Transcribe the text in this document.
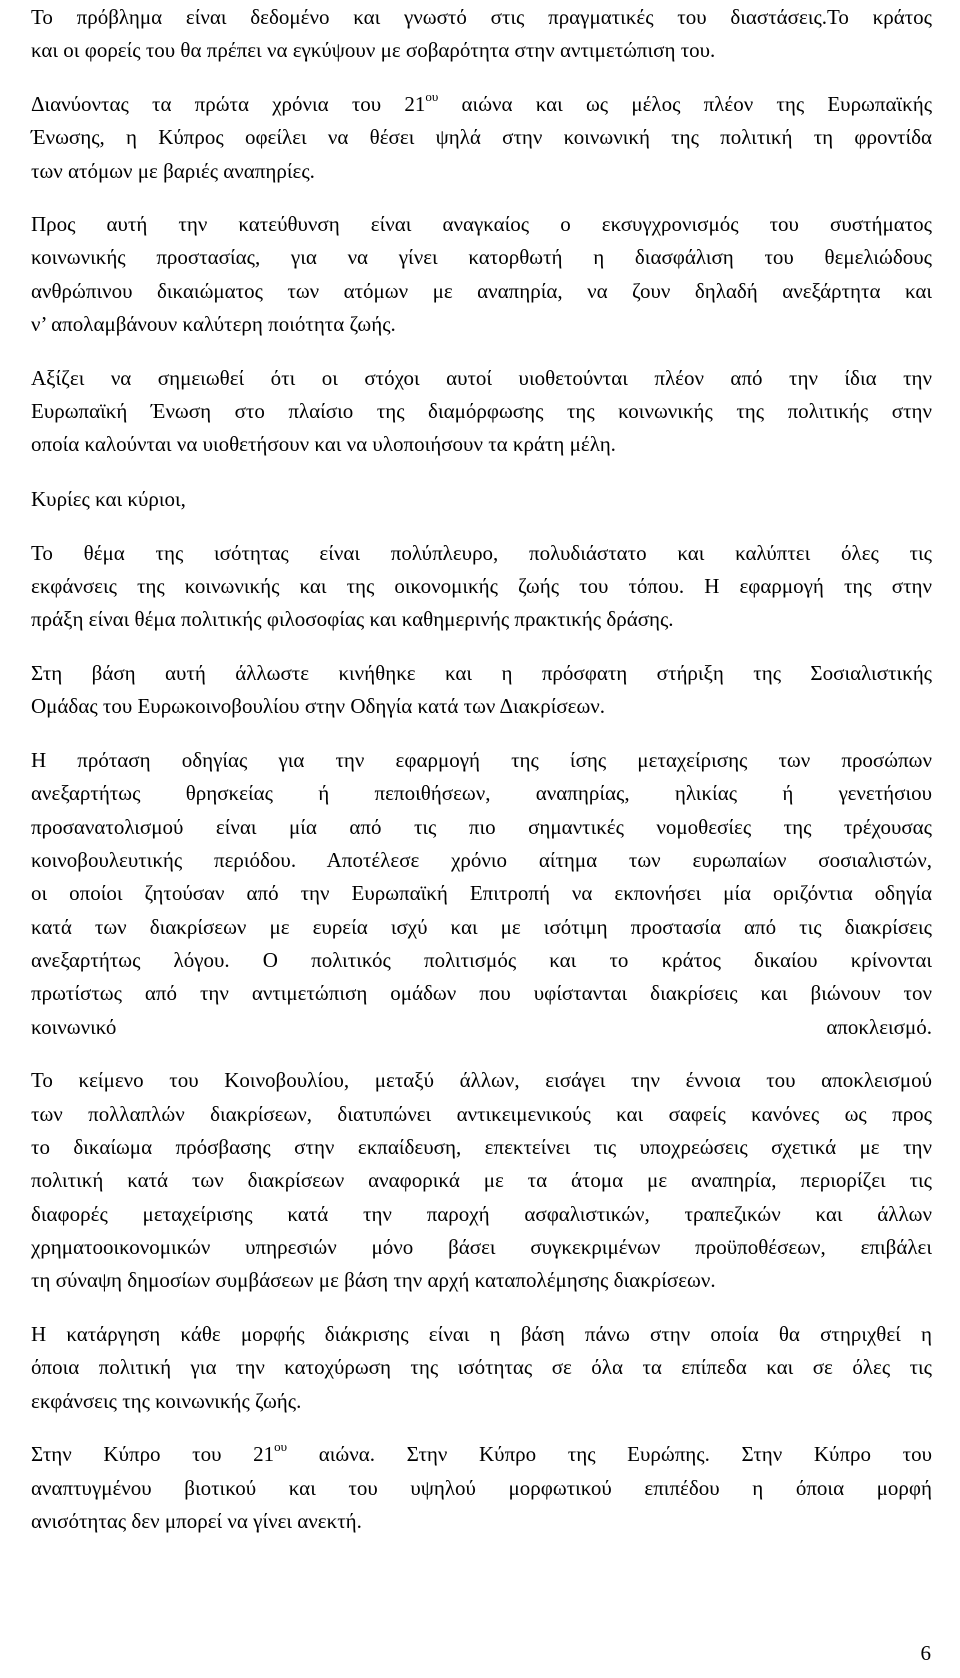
Το πρόβλημα είναι δεδομένο και γνωστό στις πραγματικές του διαστάσεις.Το κράτος
και οι φορείς του θα πρέπει να εγκύψουν με σοβαρότητα στην αντιμετώπιση του.
Διανύοντας τα πρώτα χρόνια του $21^{o\upsilon}$ αιώνα και ως μέλος πλέον της Ευρωπαϊκής
Ένωσης, η Κύπρος οφείλει να θέσει ψηλά στην κοινωνική της πολιτική τη φροντίδα
των ατόμων με βαριές αναπηρίες.
Προς αυτή την κατεύθυνση είναι αναγκαίος ο εκσυγχρονισμός του συστήματος
κοινωνικής προστασίας, για να γίνει κατορθωτή η διασφάλιση του θεμελιώδους
ανθρώπινου δικαιώματος των ατόμων με αναπηρία, να ζουν δηλαδή ανεξάρτητα και
ν’ απολαμβάνουν καλύτερη ποιότητα ζωής.
Αξίζει να σημειωθεί ότι οι στόχοι αυτοί υιοθετούνται πλέον από την ίδια την
Ευρωπαϊκή Ένωση στο πλαίσιο της διαμόρφωσης της κοινωνικής της πολιτικής στην
οποία καλούνται να υιοθετήσουν και να υλοποιήσουν τα κράτη μέλη.
Κυρίες και κύριοι,
Το θέμα της ισότητας είναι πολύπλευρο, πολυδιάστατο και καλύπτει όλες τις
εκφάνσεις της κοινωνικής και της οικονομικής ζωής του τόπου. Η εφαρμογή της στην
πράξη είναι θέμα πολιτικής φιλοσοφίας και καθημερινής πρακτικής δράσης.
Στη βάση αυτή άλλωστε κινήθηκε και η πρόσφατη στήριξη της Σοσιαλιστικής
Ομάδας του Ευρωκοινοβουλίου στην Οδηγία κατά των Διακρίσεων.
Η πρόταση οδηγίας για την εφαρμογή της ίσης μεταχείρισης των προσώπων
ανεξαρτήτως θρησκείας ή πεποιθήσεων, αναπηρίας, ηλικίας ή γενετήσιου
προσανατολισμού είναι μία από τις πιο σημαντικές νομοθεσίες της τρέχουσας
κοινοβουλευτικής περιόδου. Αποτέλεσε χρόνιο αίτημα των ευρωπαίων σοσιαλιστών,
οι οποίοι ζητούσαν από την Ευρωπαϊκή Επιτροπή να εκπονήσει μία οριζόντια οδηγία
κατά των διακρίσεων με ευρεία ισχύ και με ισότιμη προστασία από τις διακρίσεις
ανεξαρτήτως λόγου. Ο πολιτικός πολιτισμός και το κράτος δικαίου κρίνονται
πρωτίστως από την αντιμετώπιση ομάδων που υφίστανται διακρίσεις και βιώνουν τον
κοινωνικό	αποκλεισμό.
Το κείμενο του Κοινοβουλίου, μεταξύ άλλων, εισάγει την έννοια του αποκλεισμού
των πολλαπλών διακρίσεων, διατυπώνει αντικειμενικούς και σαφείς κανόνες ως προς
το δικαίωμα πρόσβασης στην εκπαίδευση, επεκτείνει τις υποχρεώσεις σχετικά με την
πολιτική κατά των διακρίσεων αναφορικά με τα άτομα με αναπηρία, περιορίζει τις
διαφορές μεταχείρισης κατά την παροχή ασφαλιστικών, τραπεζικών και άλλων
χρηματοοικονομικών υπηρεσιών μόνο βάσει συγκεκριμένων προϋποθέσεων, επιβάλει
τη σύναψη δημοσίων συμβάσεων με βάση την αρχή καταπολέμησης διακρίσεων.
Η κατάργηση κάθε μορφής διάκρισης είναι η βάση πάνω στην οποία θα στηριχθεί η
όποια πολιτική για την κατοχύρωση της ισότητας σε όλα τα επίπεδα και σε όλες τις
εκφάνσεις της κοινωνικής ζωής.
Στην Κύπρο του $21^{o\upsilon}$ αιώνα. Στην Κύπρο της Ευρώπης. Στην Κύπρο του
αναπτυγμένου βιοτικού και του υψηλού μορφωτικού επιπέδου η όποια μορφή
ανισότητας δεν μπορεί να γίνει ανεκτή.
6
